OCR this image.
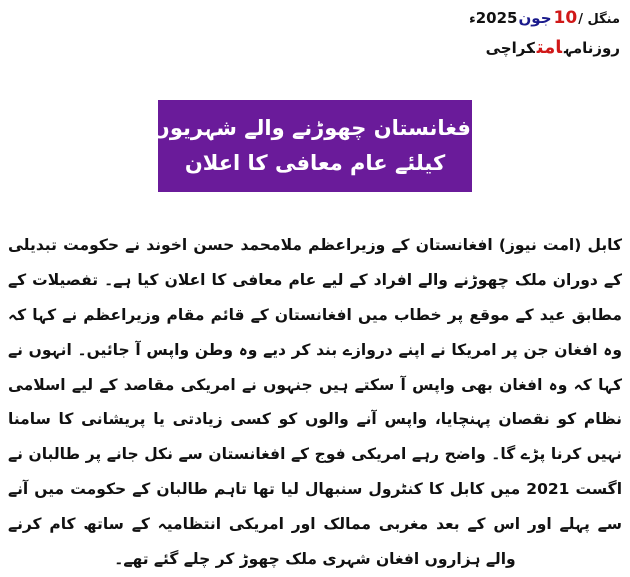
منگل /10جون2025ء
روزنامہامتکراچی
افغانستان چھوڑنے والے شہریوں
کیلئے عام معافی کا اعلان

کابل (امت نیوز) افغانستان کے وزیراعظم ملامحمد حسن اخوند نے حکومت تبدیلی کے دوران ملک چھوڑنے والے افراد کے لیے عام معافی کا اعلان کیا ہے۔ تفصیلات کے مطابق عید کے موقع پر خطاب میں افغانستان کے قائم مقام وزیراعظم نے کہا کہ وہ افغان جن پر امریکا نے اپنے دروازے بند کر دیے وہ وطن واپس آ جائیں۔ انہوں نے کہا کہ وہ افغان بھی واپس آ سکتے ہیں جنہوں نے امریکی مقاصد کے لیے اسلامی نظام کو نقصان پہنچایا، واپس آنے والوں کو کسی زیادتی یا پریشانی کا سامنا نہیں کرنا پڑے گا۔ واضح رہے امریکی فوج کے افغانستان سے نکل جانے پر طالبان نے اگست 2021 میں کابل کا کنٹرول سنبھال لیا تھا تاہم طالبان کے حکومت میں آنے سے پہلے اور اس کے بعد مغربی ممالک اور امریکی انتظامیہ کے ساتھ کام کرنے والے ہزاروں افغان شہری ملک چھوڑ کر چلے گئے تھے۔
